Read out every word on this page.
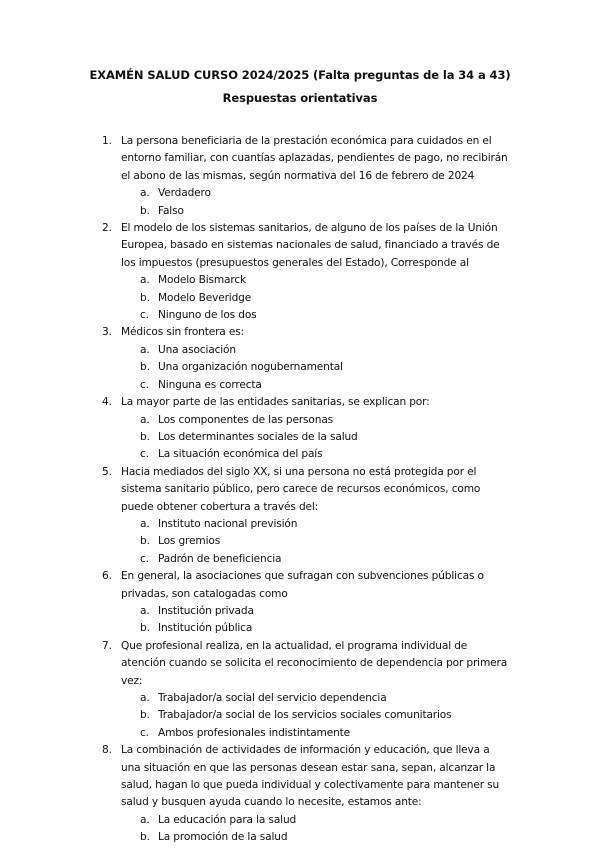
EXAMÉN SALUD CURSO 2024/2025 (Falta preguntas de la 34 a 43)
Respuestas orientativas
1. La persona beneficiaria de la prestación económica para cuidados en el entorno familiar, con cuantías aplazadas, pendientes de pago, no recibirán el abono de las mismas, según normativa del 16 de febrero de 2024
a. Verdadero
b. Falso
2. El modelo de los sistemas sanitarios, de alguno de los países de la Unión Europea, basado en sistemas nacionales de salud, financiado a través de los impuestos (presupuestos generales del Estado), Corresponde al
a. Modelo Bismarck
b. Modelo Beveridge
c. Ninguno de los dos
3. Médicos sin frontera es:
a. Una asociación
b. Una organización nogubernamental
c. Ninguna es correcta
4. La mayor parte de las entidades sanitarias, se explican por:
a. Los componentes de las personas
b. Los determinantes sociales de la salud
c. La situación económica del país
5. Hacia mediados del siglo XX, si una persona no está protegida por el sistema sanitario público, pero carece de recursos económicos, como puede obtener cobertura a través del:
a. Instituto nacional previsión
b. Los gremios
c. Padrón de beneficiencia
6. En general, la asociaciones que sufragan con subvenciones públicas o privadas, son catalogadas como
a. Institución privada
b. Institución pública
7. Que profesional realiza, en la actualidad, el programa individual de atención cuando se solicita el reconocimiento de dependencia por primera vez:
a. Trabajador/a social del servicio dependencia
b. Trabajador/a social de los servicios sociales comunitarios
c. Ambos profesionales indistintamente
8. La combinación de actividades de información y educación, que lleva a una situación en que las personas desean estar sana, sepan, alcanzar la salud, hagan lo que pueda individual y colectivamente para mantener su salud y busquen ayuda cuando lo necesite, estamos ante:
a. La educación para la salud
b. La promoción de la salud
